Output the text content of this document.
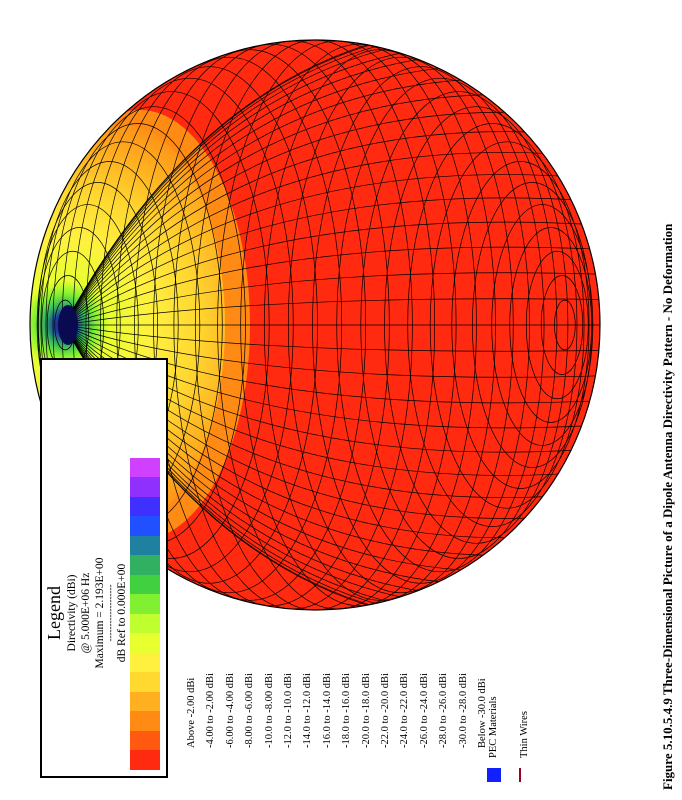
Legend Directivity (dBi) @ 5.000E+06 Hz Maximum = 2.193E+00 ------------------- dB Ref to 0.000E+00	Figure 5.10.5.4.9 Three-Dimensional Picture of a Dipole Antenna Directivity Pattern - No Deformation
Above -2.00 dBi -4.00 to -2.00 dBi -6.00 to -4.00 dBi -8.00 to -6.00 dBi -10.0 to -8.00 dBi -12.0 to -10.0 dBi -14.0 to -12.0 dBi -16.0 to -14.0 dBi -18.0 to -16.0 dBi -20.0 to -18.0 dBi -22.0 to -20.0 dBi -24.0 to -22.0 dBi -26.0 to -24.0 dBi -28.0 to -26.0 dBi -30.0 to -28.0 dBi Below -30.0 dBi PEC Materials Thin Wires
